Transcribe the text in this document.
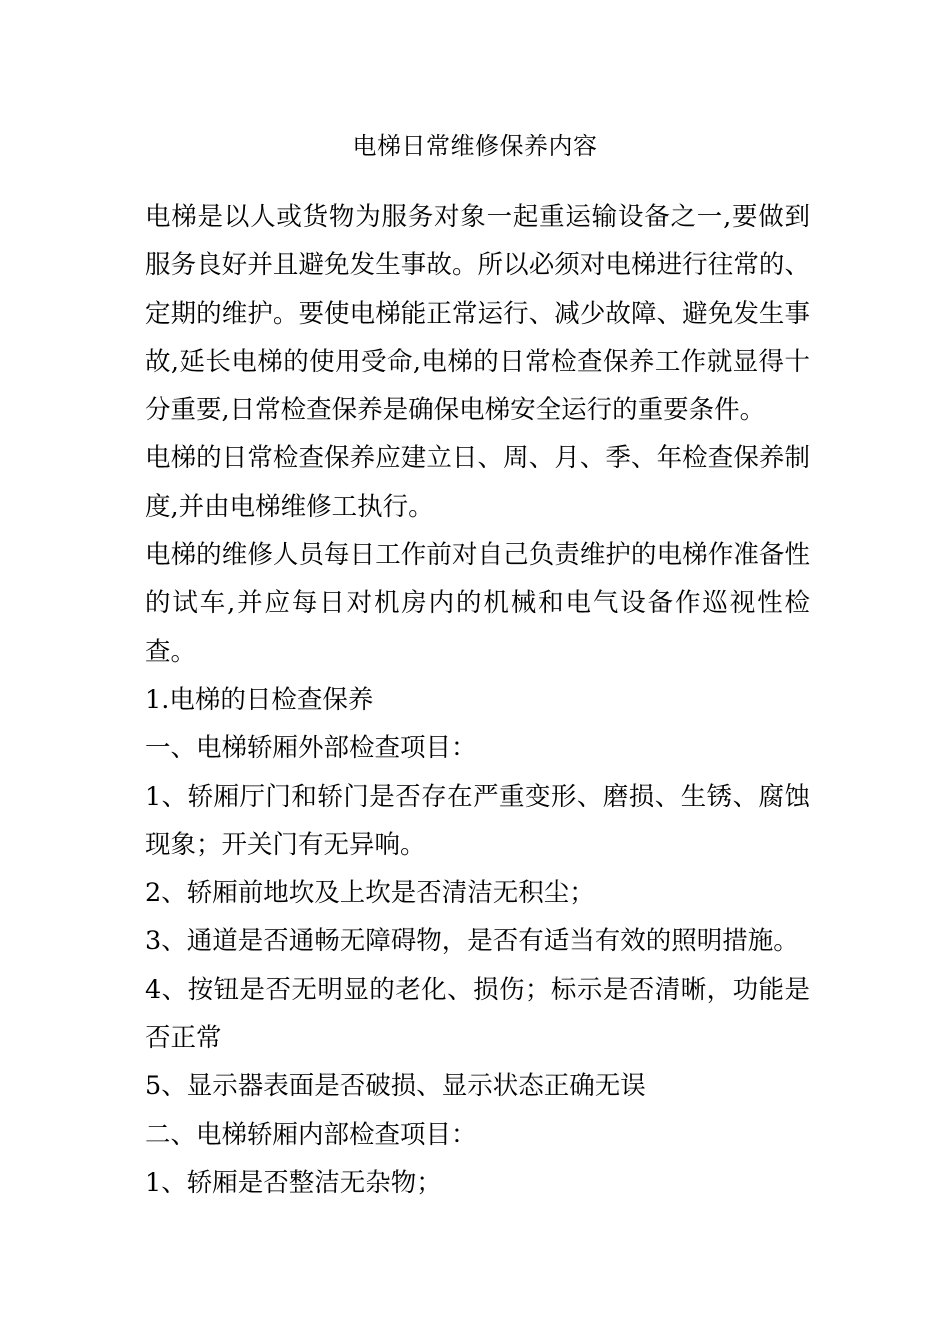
电梯日常维修保养内容

电梯是以人或货物为服务对象一起重运输设备之一,要做到服务良好并且避免发生事故。所以必须对电梯进行往常的、定期的维护。要使电梯能正常运行、减少故障、避免发生事故,延长电梯的使用受命,电梯的日常检查保养工作就显得十分重要,日常检查保养是确保电梯安全运行的重要条件。

电梯的日常检查保养应建立日、周、月、季、年检查保养制度,并由电梯维修工执行。

电梯的维修人员每日工作前对自己负责维护的电梯作准备性的试车,并应每日对机房内的机械和电气设备作巡视性检查。

1.电梯的日检查保养

一、电梯轿厢外部检查项目：

1、轿厢厅门和轿门是否存在严重变形、磨损、生锈、腐蚀现象；开关门有无异响。

2、轿厢前地坎及上坎是否清洁无积尘；

3、通道是否通畅无障碍物，是否有适当有效的照明措施。

4、按钮是否无明显的老化、损伤；标示是否清晰，功能是否正常

5、显示器表面是否破损、显示状态正确无误

二、电梯轿厢内部检查项目：

1、轿厢是否整洁无杂物；
